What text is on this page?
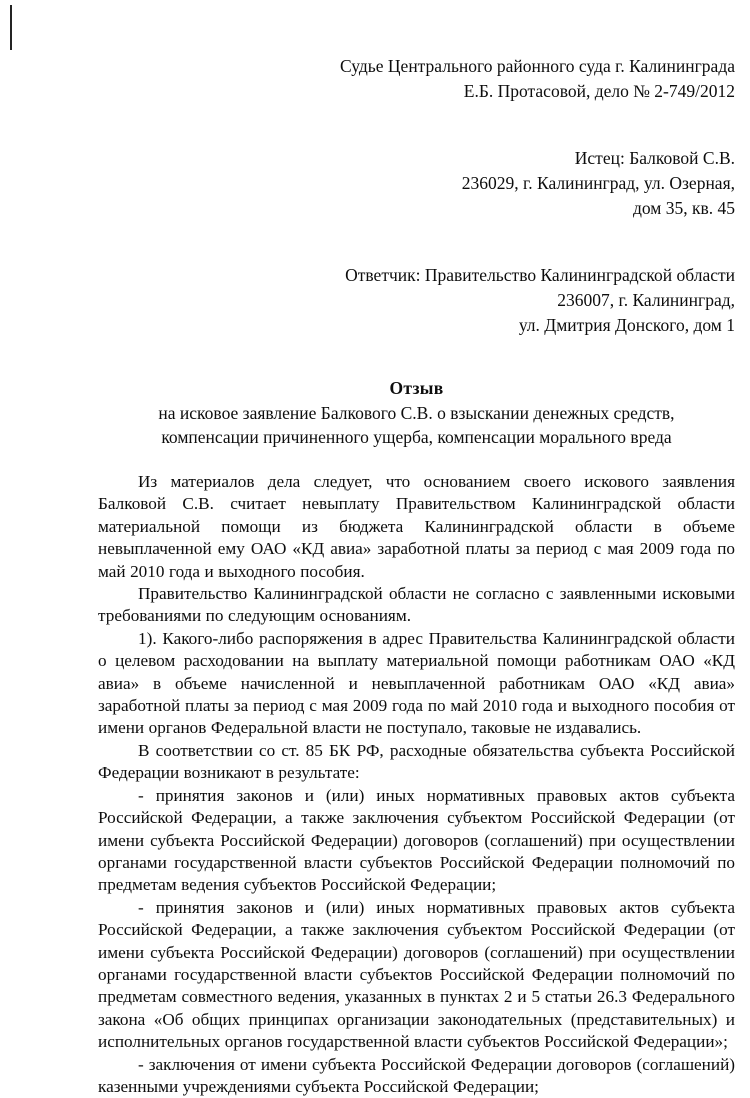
Судье Центрального районного суда г. Калининграда
Е.Б. Протасовой, дело № 2-749/2012
Истец: Балковой С.В.
236029, г. Калининград, ул. Озерная,
дом 35, кв. 45
Ответчик: Правительство Калининградской области
236007, г. Калининград,
ул. Дмитрия Донского, дом 1
Отзыв
на исковое заявление Балкового С.В. о взыскании денежных средств,
компенсации причиненного ущерба, компенсации морального вреда

Из материалов дела следует, что основанием своего искового заявления Балковой С.В. считает невыплату Правительством Калининградской области материальной помощи из бюджета Калининградской области в объеме невыплаченной ему ОАО «КД авиа» заработной платы за период с мая 2009 года по май 2010 года и выходного пособия.

Правительство Калининградской области не согласно с заявленными исковыми требованиями по следующим основаниям.

1). Какого-либо распоряжения в адрес Правительства Калининградской области о целевом расходовании на выплату материальной помощи работникам ОАО «КД авиа» в объеме начисленной и невыплаченной работникам ОАО «КД авиа» заработной платы за период с мая 2009 года по май 2010 года и выходного пособия от имени органов Федеральной власти не поступало, таковые не издавались.

В соответствии со ст. 85 БК РФ, расходные обязательства субъекта Российской Федерации возникают в результате:

- принятия законов и (или) иных нормативных правовых актов субъекта Российской Федерации, а также заключения субъектом Российской Федерации (от имени субъекта Российской Федерации) договоров (соглашений) при осуществлении органами государственной власти субъектов Российской Федерации полномочий по предметам ведения субъектов Российской Федерации;

- принятия законов и (или) иных нормативных правовых актов субъекта Российской Федерации, а также заключения субъектом Российской Федерации (от имени субъекта Российской Федерации) договоров (соглашений) при осуществлении органами государственной власти субъектов Российской Федерации полномочий по предметам совместного ведения, указанных в пунктах 2 и 5 статьи 26.3 Федерального закона «Об общих принципах организации законодательных (представительных) и исполнительных органов государственной власти субъектов Российской Федерации»;

- заключения от имени субъекта Российской Федерации договоров (соглашений) казенными учреждениями субъекта Российской Федерации;
